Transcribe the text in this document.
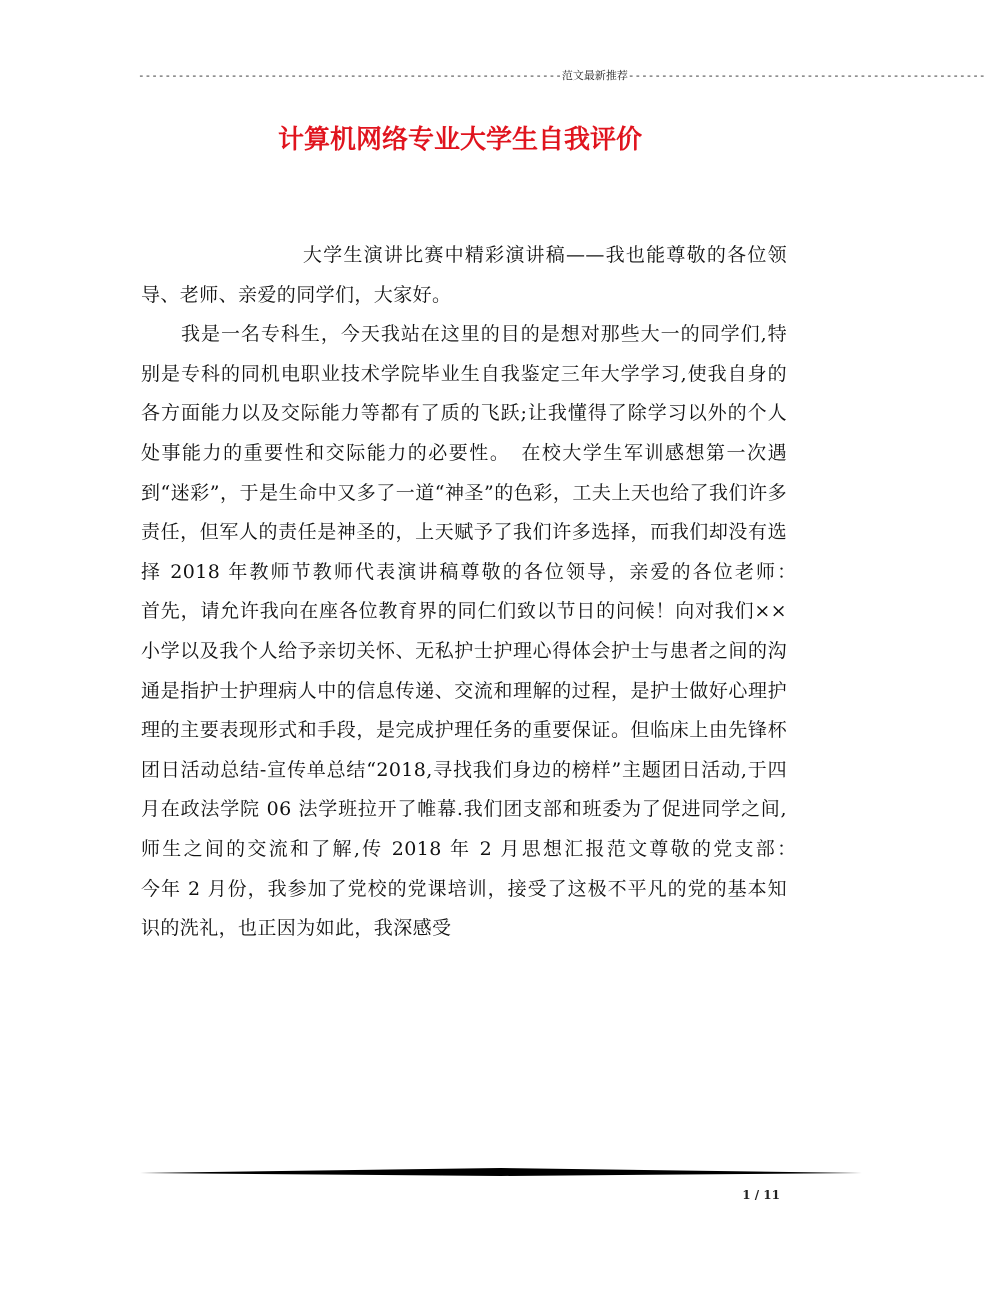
----------------------------------------------------------------范文最新推荐------------------------------------------------------
计算机网络专业大学生自我评价

　　　　　　　　大学生演讲比赛中精彩演讲稿——我也能尊敬的各位领导、老师、亲爱的同学们，大家好。

　　我是一名专科生，今天我站在这里的目的是想对那些大一的同学们,特别是专科的同机电职业技术学院毕业生自我鉴定三年大学学习,使我自身的各方面能力以及交际能力等都有了质的飞跃;让我懂得了除学习以外的个人处事能力的重要性和交际能力的必要性。　在校大学生军训感想第一次遇到“迷彩”，于是生命中又多了一道“神圣”的色彩，工夫上天也给了我们许多责任，但军人的责任是神圣的，上天赋予了我们许多选择，而我们却没有选择 2018 年教师节教师代表演讲稿尊敬的各位领导，亲爱的各位老师：　　首先，请允许我向在座各位教育界的同仁们致以节日的问候！向对我们××小学以及我个人给予亲切关怀、无私护士护理心得体会护士与患者之间的沟通是指护士护理病人中的信息传递、交流和理解的过程，是护士做好心理护理的主要表现形式和手段，是完成护理任务的重要保证。但临床上由先锋杯团日活动总结-宣传单总结“2018,寻找我们身边的榜样”主题团日活动,于四月在政法学院 06 法学班拉开了帷幕.我们团支部和班委为了促进同学之间,师生之间的交流和了解,传 2018 年 2 月思想汇报范文尊敬的党支部：　　今年 2 月份，我参加了党校的党课培训，接受了这极不平凡的党的基本知识的洗礼，也正因为如此，我深感受

1 / 11
